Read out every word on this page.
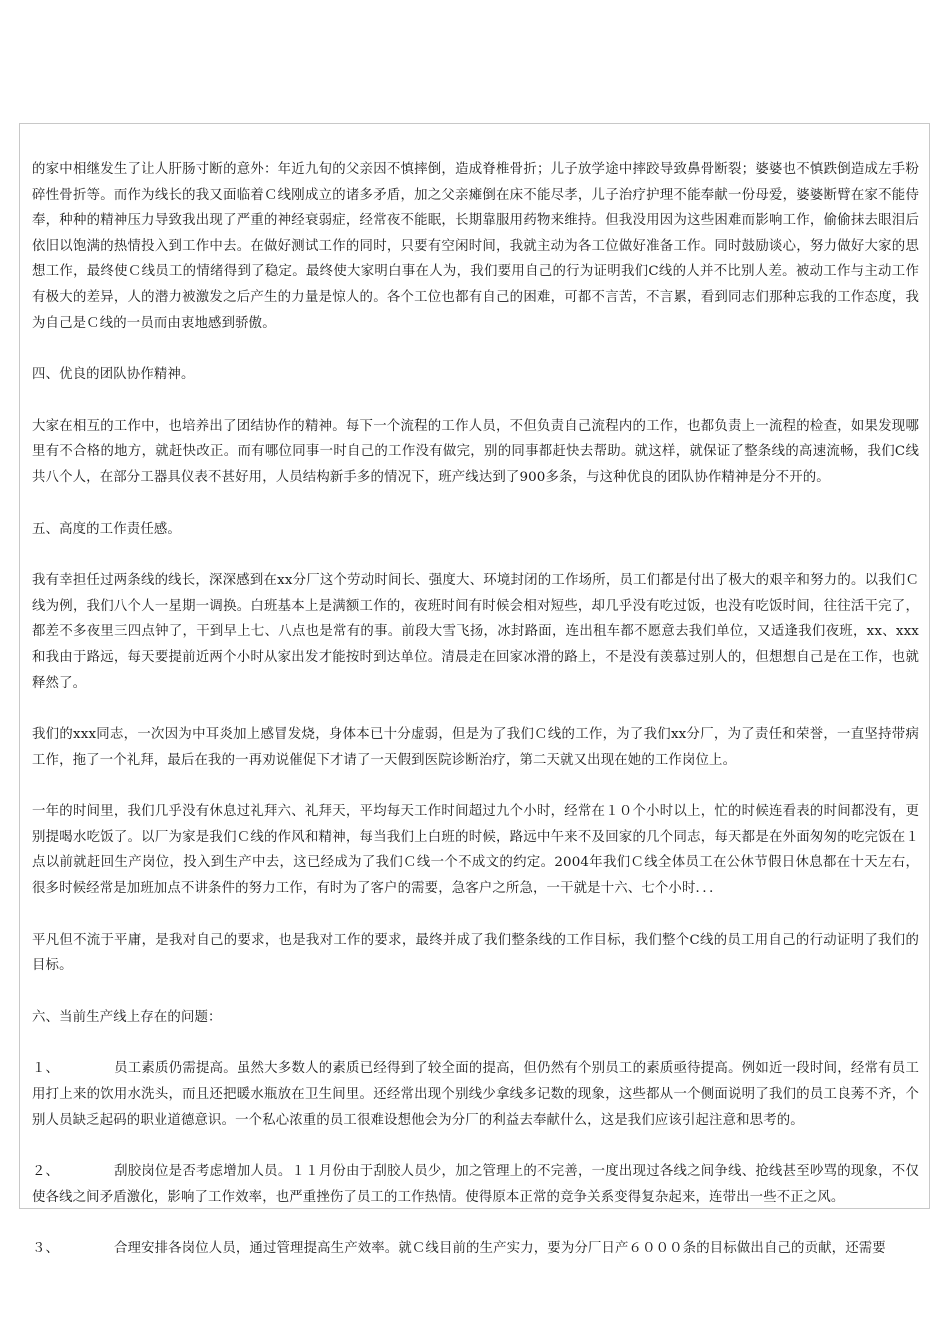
的家中相继发生了让人肝肠寸断的意外：年近九旬的父亲因不慎摔倒，造成脊椎骨折；儿子放学途中摔跤导致鼻骨断裂；婆婆也不慎跌倒造成左手粉碎性骨折等。而作为线长的我又面临着Ｃ线刚成立的诸多矛盾，加之父亲瘫倒在床不能尽孝，儿子治疗护理不能奉献一份母爱，婆婆断臂在家不能侍奉，种种的精神压力导致我出现了严重的神经衰弱症，经常夜不能眠，长期靠服用药物来维持。但我没用因为这些困难而影响工作，偷偷抹去眼泪后依旧以饱满的热情投入到工作中去。在做好测试工作的同时，只要有空闲时间，我就主动为各工位做好准备工作。同时鼓励谈心，努力做好大家的思想工作，最终使Ｃ线员工的情绪得到了稳定。最终使大家明白事在人为，我们要用自己的行为证明我们C线的人并不比别人差。被动工作与主动工作有极大的差异，人的潜力被激发之后产生的力量是惊人的。各个工位也都有自己的困难，可都不言苦，不言累，看到同志们那种忘我的工作态度，我为自己是Ｃ线的一员而由衷地感到骄傲。

四、优良的团队协作精神。

大家在相互的工作中，也培养出了团结协作的精神。每下一个流程的工作人员，不但负责自己流程内的工作，也都负责上一流程的检查，如果发现哪里有不合格的地方，就赶快改正。而有哪位同事一时自己的工作没有做完，别的同事都赶快去帮助。就这样，就保证了整条线的高速流畅，我们C线共八个人，在部分工器具仪表不甚好用，人员结构新手多的情况下，班产线达到了900多条，与这种优良的团队协作精神是分不开的。

五、高度的工作责任感。

我有幸担任过两条线的线长，深深感到在xx分厂这个劳动时间长、强度大、环境封闭的工作场所，员工们都是付出了极大的艰辛和努力的。以我们Ｃ线为例，我们八个人一星期一调换。白班基本上是满额工作的，夜班时间有时候会相对短些，却几乎没有吃过饭，也没有吃饭时间，往往活干完了，都差不多夜里三四点钟了，干到早上七、八点也是常有的事。前段大雪飞扬，冰封路面，连出租车都不愿意去我们单位，又适逢我们夜班，xx、xxx和我由于路远，每天要提前近两个小时从家出发才能按时到达单位。清晨走在回家冰滑的路上，不是没有羡慕过别人的，但想想自己是在工作，也就释然了。

我们的xxx同志，一次因为中耳炎加上感冒发烧，身体本已十分虚弱，但是为了我们Ｃ线的工作，为了我们xx分厂，为了责任和荣誉，一直坚持带病工作，拖了一个礼拜，最后在我的一再劝说催促下才请了一天假到医院诊断治疗，第二天就又出现在她的工作岗位上。

一年的时间里，我们几乎没有休息过礼拜六、礼拜天，平均每天工作时间超过九个小时，经常在１０个小时以上，忙的时候连看表的时间都没有，更别提喝水吃饭了。以厂为家是我们Ｃ线的作风和精神，每当我们上白班的时候，路远中午来不及回家的几个同志，每天都是在外面匆匆的吃完饭在１点以前就赶回生产岗位，投入到生产中去，这已经成为了我们Ｃ线一个不成文的约定。2004年我们Ｃ线全体员工在公休节假日休息都在十天左右，很多时候经常是加班加点不讲条件的努力工作，有时为了客户的需要，急客户之所急，一干就是十六、七个小时．．．

平凡但不流于平庸，是我对自己的要求，也是我对工作的要求，最终并成了我们整条线的工作目标，我们整个C线的员工用自己的行动证明了我们的目标。

六、当前生产线上存在的问题：

１、	员工素质仍需提高。虽然大多数人的素质已经得到了较全面的提高，但仍然有个别员工的素质亟待提高。例如近一段时间，经常有员工用打上来的饮用水洗头，而且还把暖水瓶放在卫生间里。还经常出现个别线少拿线多记数的现象，这些都从一个侧面说明了我们的员工良莠不齐，个别人员缺乏起码的职业道德意识。一个私心浓重的员工很难设想他会为分厂的利益去奉献什么，这是我们应该引起注意和思考的。

２、	刮胶岗位是否考虑增加人员。１１月份由于刮胶人员少，加之管理上的不完善，一度出现过各线之间争线、抢线甚至吵骂的现象，不仅使各线之间矛盾激化，影响了工作效率，也严重挫伤了员工的工作热情。使得原本正常的竞争关系变得复杂起来，连带出一些不正之风。

３、	合理安排各岗位人员，通过管理提高生产效率。就Ｃ线目前的生产实力，要为分厂日产６０００条的目标做出自己的贡献，还需要
